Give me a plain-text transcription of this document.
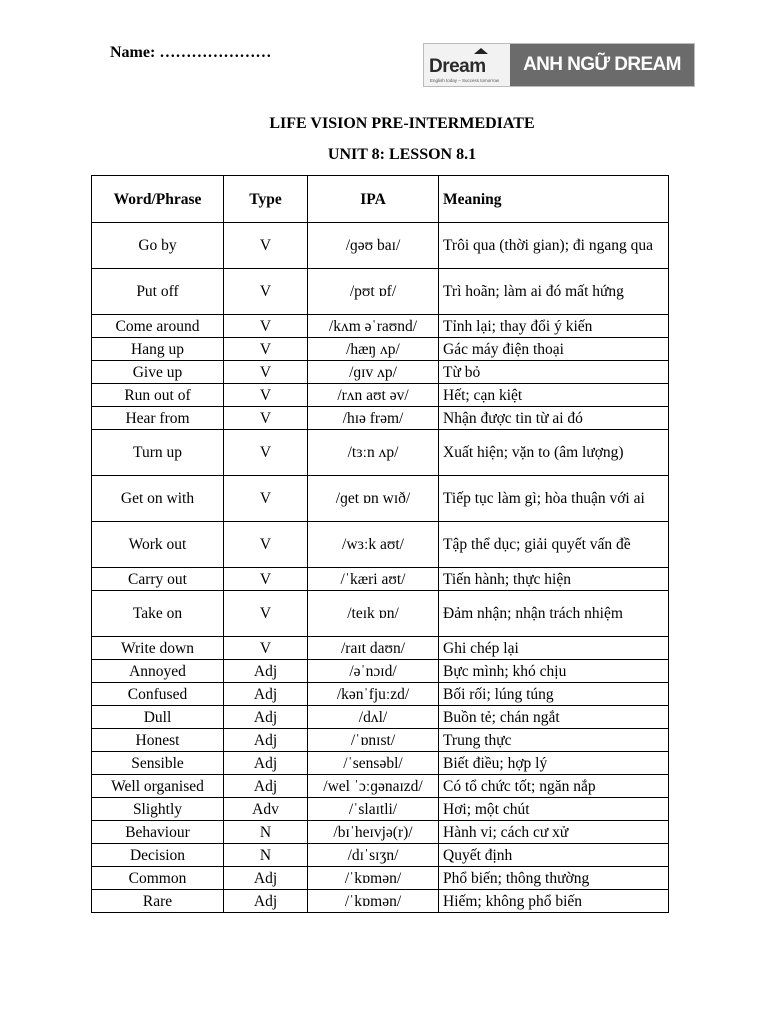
Name: …………………
Dream
English today – Success tomorrow
ANH NGỮ DREAM
LIFE VISION PRE-INTERMEDIATE
UNIT 8: LESSON 8.1
Word/Phrase	Type	IPA	Meaning
Go by	V	/ɡəʊ baɪ/	Trôi qua (thời gian); đi ngang qua
Put off	V	/pʊt ɒf/	Trì hoãn; làm ai đó mất hứng
Come around	V	/kʌm əˈraʊnd/	Tỉnh lại; thay đổi ý kiến
Hang up	V	/hæŋ ʌp/	Gác máy điện thoại
Give up	V	/ɡɪv ʌp/	Từ bỏ
Run out of	V	/rʌn aʊt əv/	Hết; cạn kiệt
Hear from	V	/hɪə frəm/	Nhận được tin từ ai đó
Turn up	V	/tɜːn ʌp/	Xuất hiện; vặn to (âm lượng)
Get on with	V	/ɡet ɒn wɪð/	Tiếp tục làm gì; hòa thuận với ai
Work out	V	/wɜːk aʊt/	Tập thể dục; giải quyết vấn đề
Carry out	V	/ˈkæri aʊt/	Tiến hành; thực hiện
Take on	V	/teɪk ɒn/	Đảm nhận; nhận trách nhiệm
Write down	V	/raɪt daʊn/	Ghi chép lại
Annoyed	Adj	/əˈnɔɪd/	Bực mình; khó chịu
Confused	Adj	/kənˈfjuːzd/	Bối rối; lúng túng
Dull	Adj	/dʌl/	Buồn tẻ; chán ngắt
Honest	Adj	/ˈɒnɪst/	Trung thực
Sensible	Adj	/ˈsensəbl/	Biết điều; hợp lý
Well organised	Adj	/wel ˈɔːɡənaɪzd/	Có tổ chức tốt; ngăn nắp
Slightly	Adv	/ˈslaɪtli/	Hơi; một chút
Behaviour	N	/bɪˈheɪvjə(r)/	Hành vi; cách cư xử
Decision	N	/dɪˈsɪʒn/	Quyết định
Common	Adj	/ˈkɒmən/	Phổ biến; thông thường
Rare	Adj	/ˈkɒmən/	Hiếm; không phổ biến
